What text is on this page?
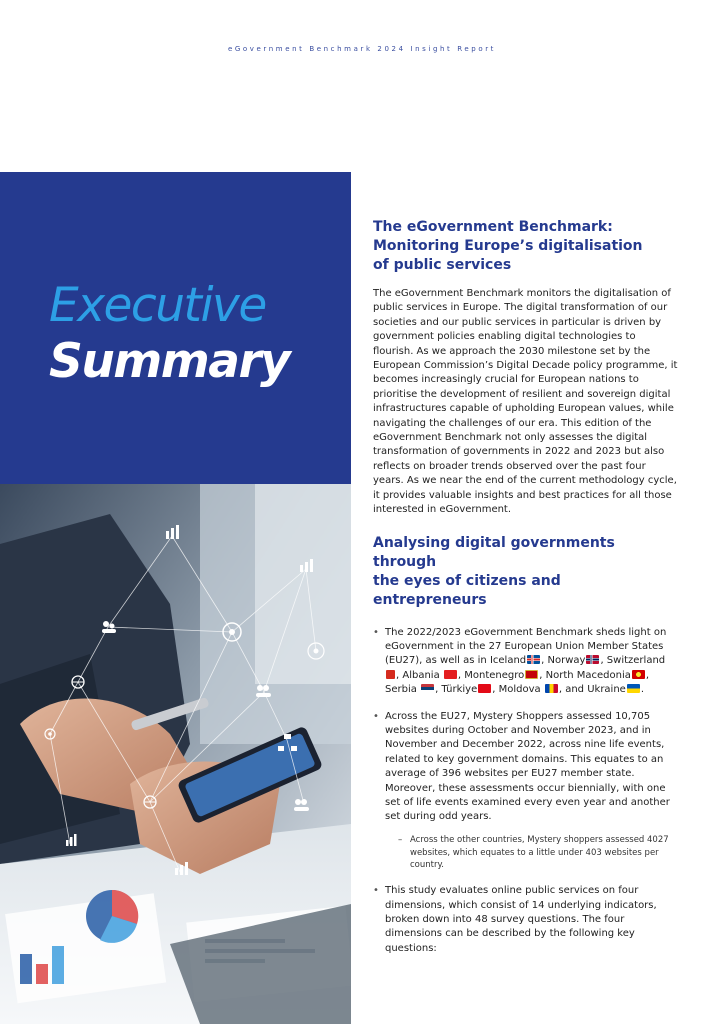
eGovernment Benchmark 2024 Insight Report
Executive
Summary
The eGovernment Benchmark:
Monitoring Europe’s digitalisation
of public services

The eGovernment Benchmark monitors the digitalisation of public services in Europe. The digital transformation of our societies and our public services in particular is driven by government policies enabling digital technologies to flourish. As we approach the 2030 milestone set by the European Commission’s Digital Decade policy programme, it becomes increasingly crucial for European nations to prioritise the development of resilient and sovereign digital infrastructures capable of upholding European values, while navigating the challenges of our era. This edition of the eGovernment Benchmark not only assesses the digital transformation of governments in 2022 and 2023 but also reflects on broader trends observed over the past four years. As we near the end of the current methodology cycle, it provides valuable insights and best practices for all those interested in eGovernment.

Analysing digital governments through
the eyes of citizens and entrepreneurs
• The 2022/2023 eGovernment Benchmark sheds light on eGovernment in the 27 European Union Member States (EU27), as well as in Iceland , Norway , Switzerland
, Albania , Montenegro , North Macedonia , Serbia , Türkiye , Moldova , and Ukraine .
• Across the EU27, Mystery Shoppers assessed 10,705 websites during October and November 2023, and in November and December 2022, across nine life events, related to key government domains. This equates to an average of 396 websites per EU27 member state. Moreover, these assessments occur biennially, with one set of life events examined every even year and another set during odd years.
– Across the other countries, Mystery shoppers assessed 4027 websites, which equates to a little under 403 websites per country.
• This study evaluates online public services on four dimensions, which consist of 14 underlying indicators, broken down into 48 survey questions. The four dimensions can be described by the following key questions:
